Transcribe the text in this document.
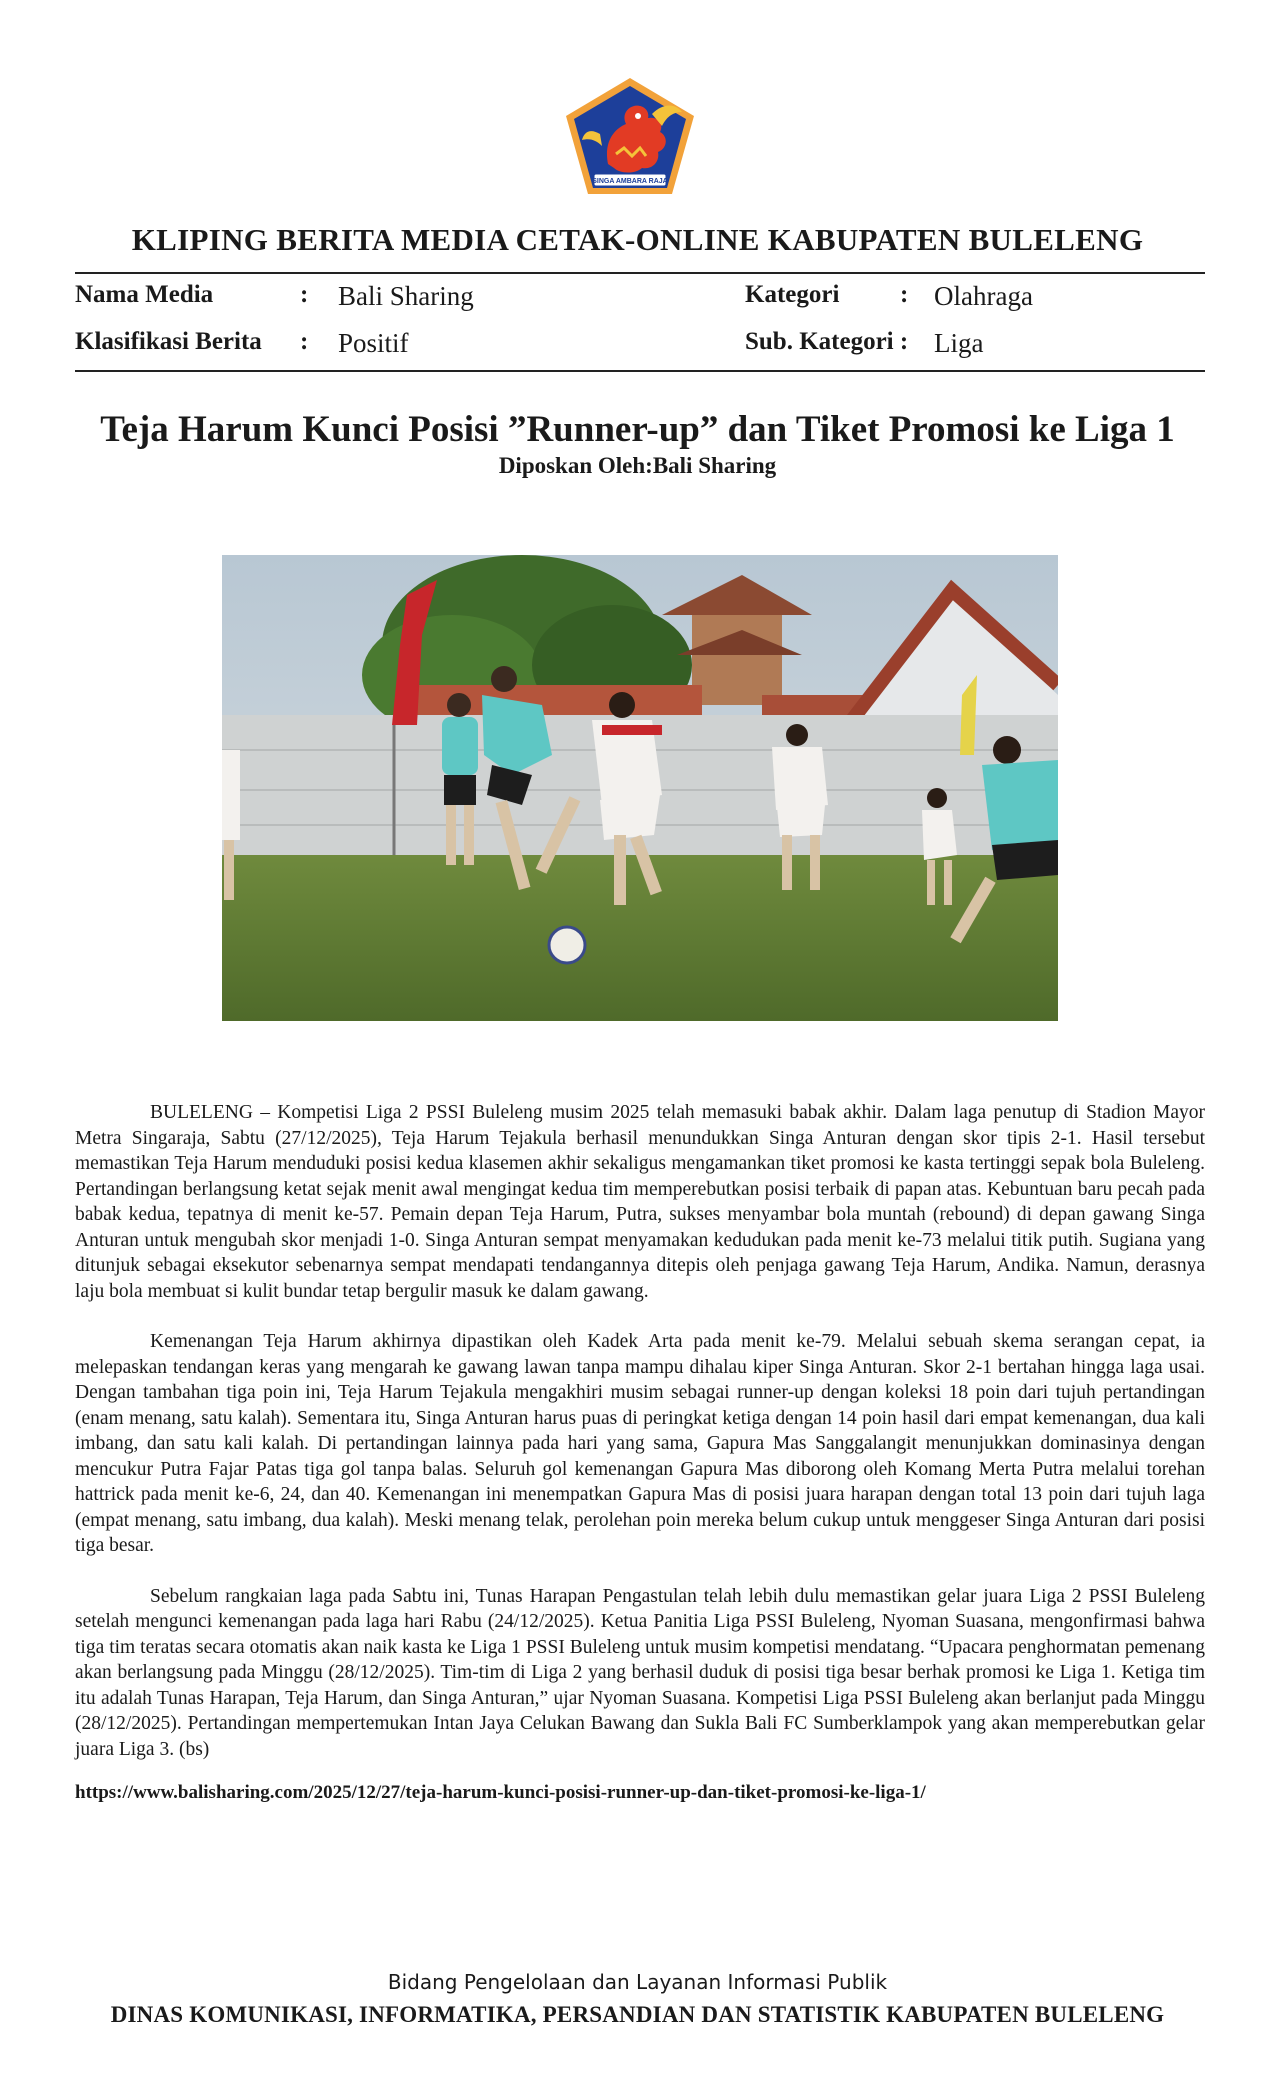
SINGA AMBARA RAJA
KLIPING BERITA MEDIA CETAK-ONLINE KABUPATEN BULELENG
Nama Media	: Bali Sharing
Klasifikasi Berita : Positif
Kategori : Olahraga
Sub. Kategori : Liga
Teja Harum Kunci Posisi ”Runner-up” dan Tiket Promosi ke Liga 1
Diposkan Oleh:Bali Sharing

BULELENG – Kompetisi Liga 2 PSSI Buleleng musim 2025 telah memasuki babak akhir. Dalam laga penutup di Stadion Mayor Metra Singaraja, Sabtu (27/12/2025), Teja Harum Tejakula berhasil menundukkan Singa Anturan dengan skor tipis 2-1. Hasil tersebut memastikan Teja Harum menduduki posisi kedua klasemen akhir sekaligus mengamankan tiket promosi ke kasta tertinggi sepak bola Buleleng. Pertandingan berlangsung ketat sejak menit awal mengingat kedua tim memperebutkan posisi terbaik di papan atas. Kebuntuan baru pecah pada babak kedua, tepatnya di menit ke-57. Pemain depan Teja Harum, Putra, sukses menyambar bola muntah (rebound) di depan gawang Singa Anturan untuk mengubah skor menjadi 1-0. Singa Anturan sempat menyamakan kedudukan pada menit ke-73 melalui titik putih. Sugiana yang ditunjuk sebagai eksekutor sebenarnya sempat mendapati tendangannya ditepis oleh penjaga gawang Teja Harum, Andika. Namun, derasnya laju bola membuat si kulit bundar tetap bergulir masuk ke dalam gawang.

Kemenangan Teja Harum akhirnya dipastikan oleh Kadek Arta pada menit ke-79. Melalui sebuah skema serangan cepat, ia melepaskan tendangan keras yang mengarah ke gawang lawan tanpa mampu dihalau kiper Singa Anturan. Skor 2-1 bertahan hingga laga usai. Dengan tambahan tiga poin ini, Teja Harum Tejakula mengakhiri musim sebagai runner-up dengan koleksi 18 poin dari tujuh pertandingan (enam menang, satu kalah). Sementara itu, Singa Anturan harus puas di peringkat ketiga dengan 14 poin hasil dari empat kemenangan, dua kali imbang, dan satu kali kalah. Di pertandingan lainnya pada hari yang sama, Gapura Mas Sanggalangit menunjukkan dominasinya dengan mencukur Putra Fajar Patas tiga gol tanpa balas. Seluruh gol kemenangan Gapura Mas diborong oleh Komang Merta Putra melalui torehan hattrick pada menit ke-6, 24, dan 40. Kemenangan ini menempatkan Gapura Mas di posisi juara harapan dengan total 13 poin dari tujuh laga (empat menang, satu imbang, dua kalah). Meski menang telak, perolehan poin mereka belum cukup untuk menggeser Singa Anturan dari posisi tiga besar.

Sebelum rangkaian laga pada Sabtu ini, Tunas Harapan Pengastulan telah lebih dulu memastikan gelar juara Liga 2 PSSI Buleleng setelah mengunci kemenangan pada laga hari Rabu (24/12/2025). Ketua Panitia Liga PSSI Buleleng, Nyoman Suasana, mengonfirmasi bahwa tiga tim teratas secara otomatis akan naik kasta ke Liga 1 PSSI Buleleng untuk musim kompetisi mendatang. “Upacara penghormatan pemenang akan berlangsung pada Minggu (28/12/2025). Tim-tim di Liga 2 yang berhasil duduk di posisi tiga besar berhak promosi ke Liga 1. Ketiga tim itu adalah Tunas Harapan, Teja Harum, dan Singa Anturan,” ujar Nyoman Suasana. Kompetisi Liga PSSI Buleleng akan berlanjut pada Minggu (28/12/2025). Pertandingan mempertemukan Intan Jaya Celukan Bawang dan Sukla Bali FC Sumberklampok yang akan memperebutkan gelar juara Liga 3. (bs)

https://www.balisharing.com/2025/12/27/teja-harum-kunci-posisi-runner-up-dan-tiket-promosi-ke-liga-1/
Bidang Pengelolaan dan Layanan Informasi Publik
DINAS KOMUNIKASI, INFORMATIKA, PERSANDIAN DAN STATISTIK KABUPATEN BULELENG
